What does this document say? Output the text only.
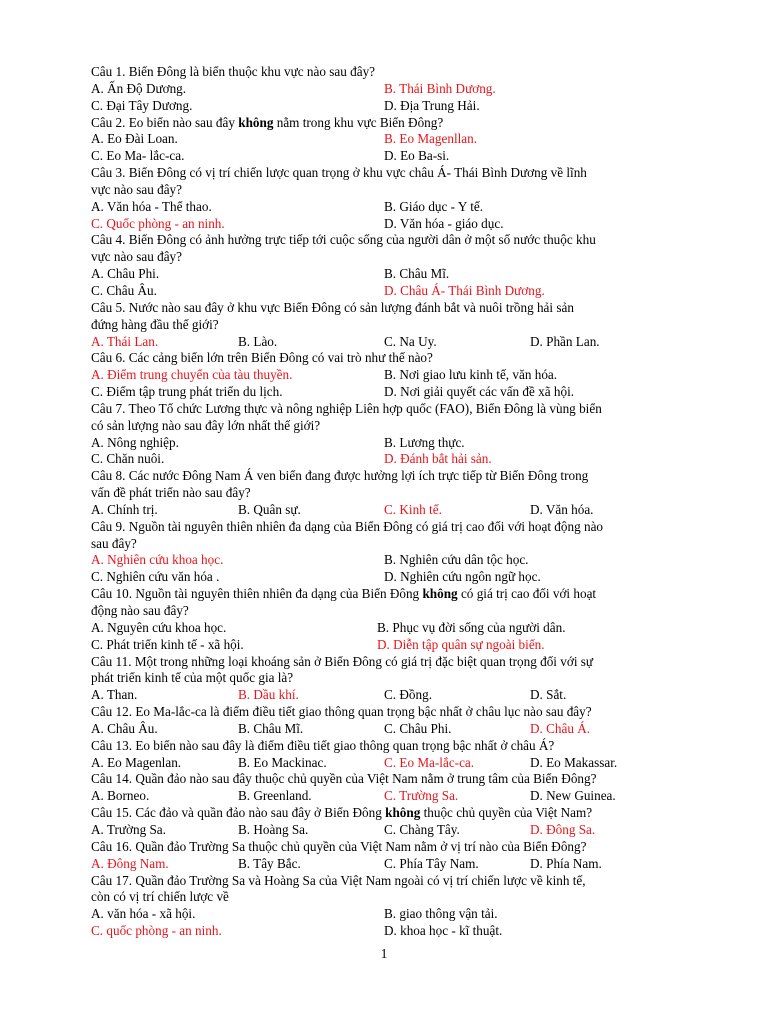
Câu 1. Biển Đông là biển thuộc khu vực nào sau đây?
A. Ấn Độ Dương.	B. Thái Bình Dương.
C. Đại Tây Dương.	D. Địa Trung Hải.
Câu 2. Eo biển nào sau đây không nằm trong khu vực Biển Đông?
A. Eo Đài Loan.	B. Eo Magenllan.
C. Eo Ma- lắc-ca.	D. Eo Ba-si.
Câu 3. Biển Đông có vị trí chiến lược quan trọng ở khu vực châu Á- Thái Bình Dương về lĩnh
vực nào sau đây?
A. Văn hóa - Thể thao.	B. Giáo dục - Y tế.
C. Quốc phòng - an ninh.	D. Văn hóa - giáo dục.
Câu 4. Biển Đông có ảnh hưởng trực tiếp tới cuộc sống của người dân ở một số nước thuộc khu
vực nào sau đây?
A. Châu Phi.	B. Châu Mĩ.
C. Châu Âu.	D. Châu Á- Thái Bình Dương.
Câu 5. Nước nào sau đây ở khu vực Biển Đông có sản lượng đánh bắt và nuôi trồng hải sản
đứng hàng đầu thế giới?
A. Thái Lan.	B. Lào.	C. Na Uy.	D. Phần Lan.
Câu 6. Các cảng biển lớn trên Biển Đông có vai trò như thế nào?
A. Điểm trung chuyển của tàu thuyền.	B. Nơi giao lưu kinh tế, văn hóa.
C. Điểm tập trung phát triển du lịch.	D. Nơi giải quyết các vấn đề xã hội.
Câu 7. Theo Tổ chức Lương thực và nông nghiệp Liên hợp quốc (FAO), Biển Đông là vùng biển
có sản lượng nào sau đây lớn nhất thế giới?
A. Nông nghiệp.	B. Lương thực.
C. Chăn nuôi.	D. Đánh bắt hải sản.
Câu 8. Các nước Đông Nam Á ven biển đang được hưởng lợi ích trực tiếp từ Biển Đông trong
vấn đề phát triển nào sau đây?
A. Chính trị.	B. Quân sự.	C. Kinh tế.	D. Văn hóa.
Câu 9. Nguồn tài nguyên thiên nhiên đa dạng của Biển Đông có giá trị cao đối với hoạt động nào
sau đây?
A. Nghiên cứu khoa học.	B. Nghiên cứu dân tộc học.
C. Nghiên cứu văn hóa .	D. Nghiên cứu ngôn ngữ học.
Câu 10. Nguồn tài nguyên thiên nhiên đa dạng của Biển Đông không có giá trị cao đối với hoạt
động nào sau đây?
A. Nguyên cứu khoa học.	B. Phục vụ đời sống của người dân.
C. Phát triển kinh tế - xã hội.	D. Diễn tập quân sự ngoài biển.
Câu 11. Một trong những loại khoáng sản ở Biển Đông có giá trị đặc biệt quan trọng đối với sự
phát triển kinh tế của một quốc gia là?
A. Than.	B. Dầu khí.	C. Đồng.	D. Sắt.
Câu 12. Eo Ma-lắc-ca là điểm điều tiết giao thông quan trọng bậc nhất ở châu lục nào sau đây?
A. Châu Âu.	B. Châu Mĩ.	C. Châu Phi.	D. Châu Á.
Câu 13. Eo biển nào sau đây là điểm điều tiết giao thông quan trọng bậc nhất ở châu Á?
A. Eo Magenlan.	B. Eo Mackinac.	C. Eo Ma-lắc-ca.	D. Eo Makassar.
Câu 14. Quần đảo nào sau đây thuộc chủ quyền của Việt Nam nằm ở trung tâm của Biển Đông?
A. Borneo.	B. Greenland.	C. Trường Sa.	D. New Guinea.
Câu 15. Các đảo và quần đảo nào sau đây ở Biển Đông không thuộc chủ quyền của Việt Nam?
A. Trường Sa.	B. Hoàng Sa.	C. Chàng Tây.	D. Đông Sa.
Câu 16. Quần đảo Trường Sa thuộc chủ quyền của Việt Nam nằm ở vị trí nào của Biển Đông?
A. Đông Nam.	B. Tây Bắc.	C. Phía Tây Nam.	D. Phía Nam.
Câu 17. Quần đảo Trường Sa và Hoàng Sa của Việt Nam ngoài có vị trí chiến lược về kinh tế,
còn có vị trí chiến lược về
A. văn hóa - xã hội.	B. giao thông vận tải.
C. quốc phòng - an ninh.	D. khoa học - kĩ thuật.
1
